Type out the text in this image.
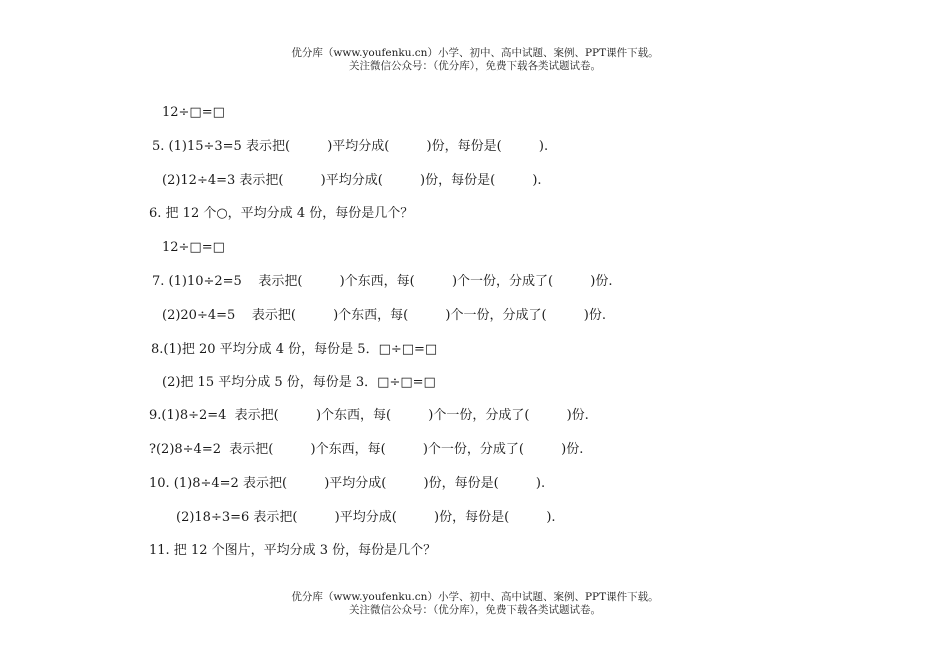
优分库（www.youfenku.cn）小学、初中、高中试题、案例、PPT课件下载。
关注微信公众号：（优分库），免费下载各类试题试卷。
12÷□=□
5. (1)15÷3=5 表示把(         )平均分成(         )份，每份是(         ).
(2)12÷4=3 表示把(         )平均分成(         )份，每份是(         ).
6. 把 12 个○，平均分成 4 份，每份是几个？
12÷□=□
7. (1)10÷2=5    表示把(         )个东西，每(         )个一份，分成了(         )份.
(2)20÷4=5    表示把(         )个东西，每(         )个一份，分成了(         )份.
8.(1)把 20 平均分成 4 份，每份是 5．□÷□=□
(2)把 15 平均分成 5 份，每份是 3．□÷□=□
9.(1)8÷2=4  表示把(         )个东西，每(         )个一份，分成了(         )份.
?(2)8÷4=2  表示把(         )个东西，每(         )个一份，分成了(         )份.
10. (1)8÷4=2 表示把(         )平均分成(         )份，每份是(         ).
(2)18÷3=6 表示把(         )平均分成(         )份，每份是(         ).
11. 把 12 个图片，平均分成 3 份，每份是几个？
优分库（www.youfenku.cn）小学、初中、高中试题、案例、PPT课件下载。
关注微信公众号：（优分库），免费下载各类试题试卷。
